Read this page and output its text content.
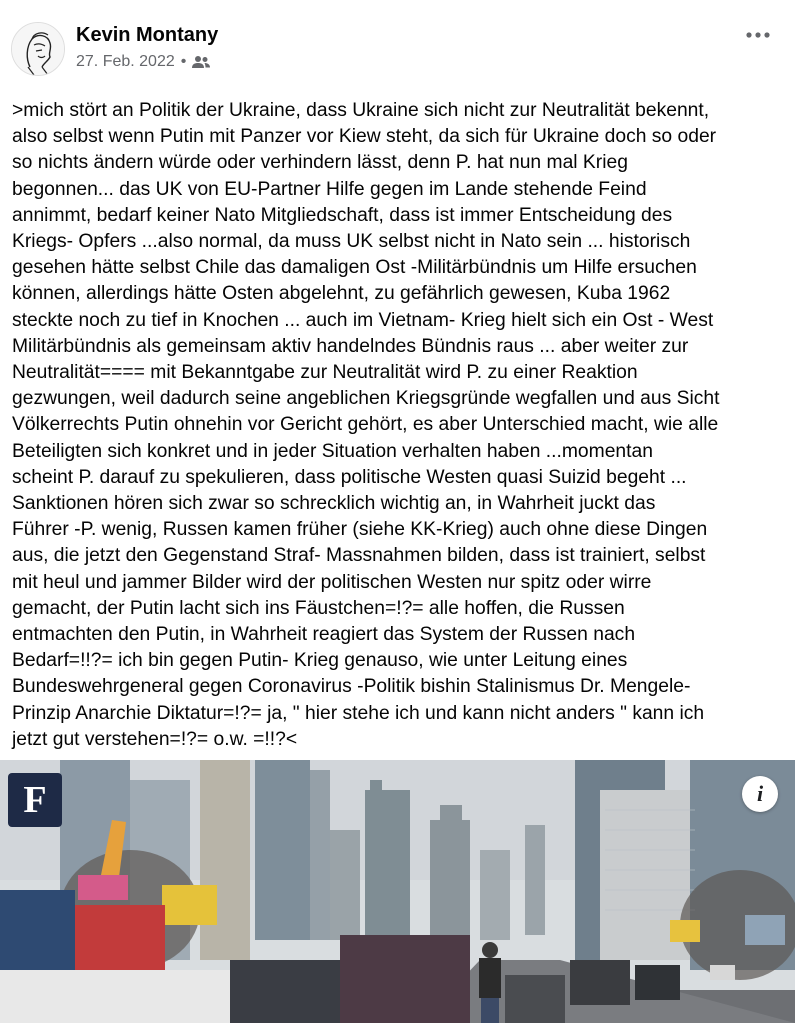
Kevin Montany
27. Feb. 2022 •
>mich stört an Politik der Ukraine, dass Ukraine sich nicht zur Neutralität bekennt,
also selbst wenn Putin mit Panzer vor Kiew steht, da sich für Ukraine doch so oder
so nichts ändern würde oder verhindern lässt, denn P. hat nun mal Krieg
begonnen... das UK von EU-Partner Hilfe gegen im Lande stehende Feind
annimmt, bedarf keiner Nato Mitgliedschaft, dass ist immer Entscheidung des
Kriegs- Opfers ...also normal, da muss UK selbst nicht in Nato sein ... historisch
gesehen hätte selbst Chile das damaligen Ost -Militärbündnis um Hilfe ersuchen
können, allerdings hätte Osten abgelehnt, zu gefährlich gewesen, Kuba 1962
steckte noch zu tief in Knochen ... auch im Vietnam- Krieg hielt sich ein Ost - West
Militärbündnis als gemeinsam aktiv handelndes Bündnis raus ... aber weiter zur
Neutralität==== mit Bekanntgabe zur Neutralität wird P. zu einer Reaktion
gezwungen, weil dadurch seine angeblichen Kriegsgründe wegfallen und aus Sicht
Völkerrechts Putin ohnehin vor Gericht gehört, es aber Unterschied macht, wie alle
Beteiligten sich konkret und in jeder Situation verhalten haben ...momentan
scheint P. darauf zu spekulieren, dass politische Westen quasi Suizid begeht ...
Sanktionen hören sich zwar so schrecklich wichtig an, in Wahrheit juckt das
Führer -P. wenig, Russen kamen früher (siehe KK-Krieg) auch ohne diese Dingen
aus, die jetzt den Gegenstand Straf- Massnahmen bilden, dass ist trainiert, selbst
mit heul und jammer Bilder wird der politischen Westen nur spitz oder wirre
gemacht, der Putin lacht sich ins Fäustchen=!?= alle hoffen, die Russen
entmachten den Putin, in Wahrheit reagiert das System der Russen nach
Bedarf=!!?= ich bin gegen Putin- Krieg genauso, wie unter Leitung eines
Bundeswehrgeneral gegen Coronavirus -Politik bishin Stalinismus Dr. Mengele-
Prinzip Anarchie Diktatur=!?= ja, " hier stehe ich und kann nicht anders " kann ich
jetzt gut verstehen=!?= o.w. =!!?<
F	i
